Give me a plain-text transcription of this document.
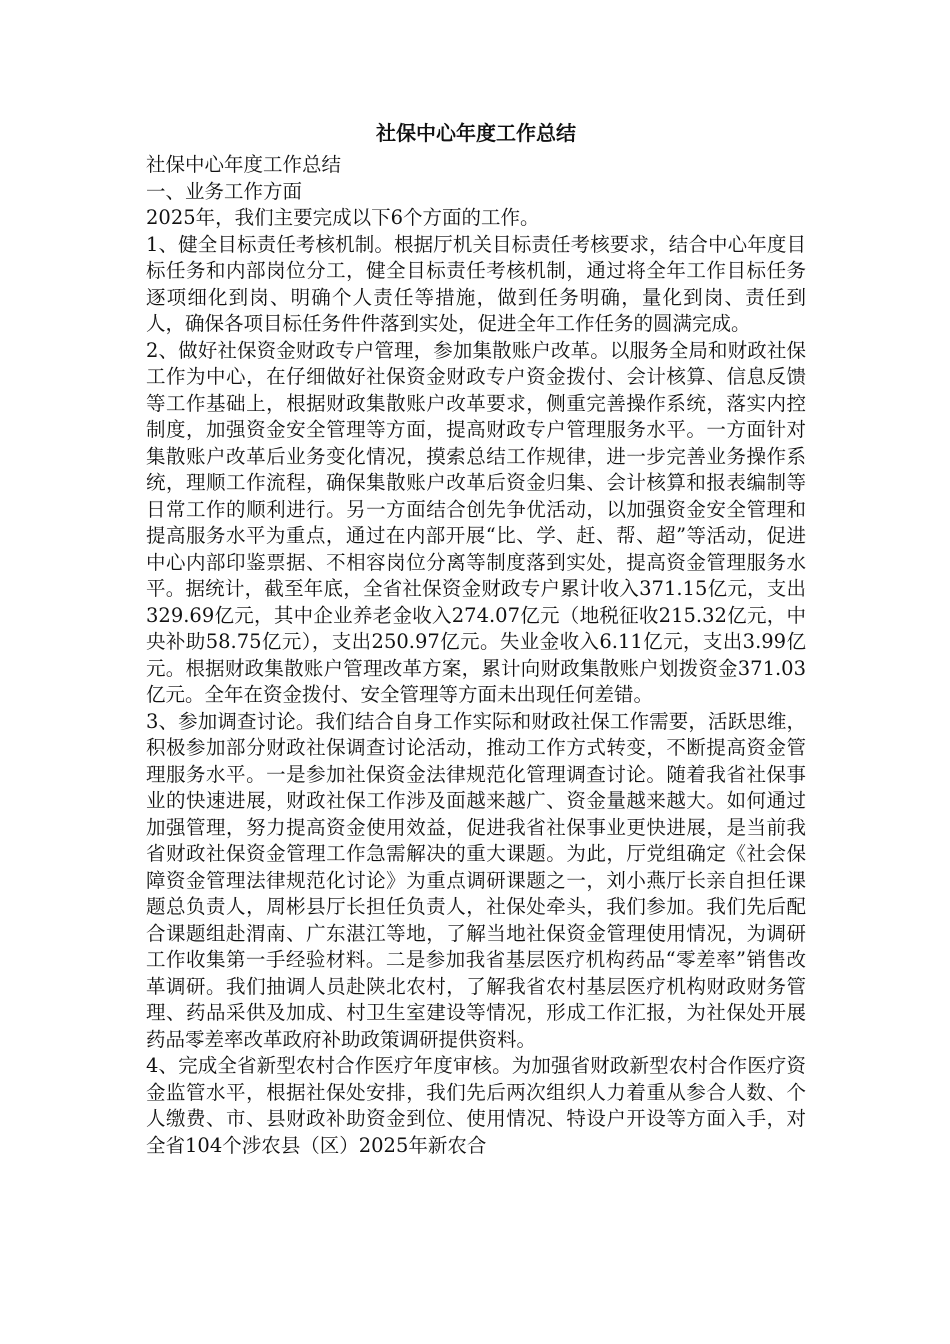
社保中心年度工作总结

社保中心年度工作总结

一、业务工作方面

2025年，我们主要完成以下6个方面的工作。

1、健全目标责任考核机制。根据厅机关目标责任考核要求，结合中心年度目标任务和内部岗位分工，健全目标责任考核机制，通过将全年工作目标任务逐项细化到岗、明确个人责任等措施，做到任务明确，量化到岗、责任到人，确保各项目标任务件件落到实处，促进全年工作任务的圆满完成。

2、做好社保资金财政专户管理，参加集散账户改革。以服务全局和财政社保工作为中心，在仔细做好社保资金财政专户资金拨付、会计核算、信息反馈等工作基础上，根据财政集散账户改革要求，侧重完善操作系统，落实内控制度，加强资金安全管理等方面，提高财政专户管理服务水平。一方面针对集散账户改革后业务变化情况，摸索总结工作规律，进一步完善业务操作系统，理顺工作流程，确保集散账户改革后资金归集、会计核算和报表编制等日常工作的顺利进行。另一方面结合创先争优活动，以加强资金安全管理和提高服务水平为重点，通过在内部开展“比、学、赶、帮、超”等活动，促进中心内部印鉴票据、不相容岗位分离等制度落到实处，提高资金管理服务水平。据统计，截至年底，全省社保资金财政专户累计收入371.15亿元，支出329.69亿元，其中企业养老金收入274.07亿元（地税征收215.32亿元，中央补助58.75亿元），支出250.97亿元。失业金收入6.11亿元，支出3.99亿元。根据财政集散账户管理改革方案，累计向财政集散账户划拨资金371.03亿元。全年在资金拨付、安全管理等方面未出现任何差错。

3、参加调查讨论。我们结合自身工作实际和财政社保工作需要，活跃思维，积极参加部分财政社保调查讨论活动，推动工作方式转变，不断提高资金管理服务水平。一是参加社保资金法律规范化管理调查讨论。随着我省社保事业的快速进展，财政社保工作涉及面越来越广、资金量越来越大。如何通过加强管理，努力提高资金使用效益，促进我省社保事业更快进展，是当前我省财政社保资金管理工作急需解决的重大课题。为此，厅党组确定《社会保障资金管理法律规范化讨论》为重点调研课题之一，刘小燕厅长亲自担任课题总负责人，周彬县厅长担任负责人，社保处牵头，我们参加。我们先后配合课题组赴渭南、广东湛江等地，了解当地社保资金管理使用情况，为调研工作收集第一手经验材料。二是参加我省基层医疗机构药品“零差率”销售改革调研。我们抽调人员赴陕北农村，了解我省农村基层医疗机构财政财务管理、药品采供及加成、村卫生室建设等情况，形成工作汇报，为社保处开展药品零差率改革政府补助政策调研提供资料。

4、完成全省新型农村合作医疗年度审核。为加强省财政新型农村合作医疗资金监管水平，根据社保处安排，我们先后两次组织人力着重从参合人数、个人缴费、市、县财政补助资金到位、使用情况、特设户开设等方面入手，对全省104个涉农县（区）2025年新农合
